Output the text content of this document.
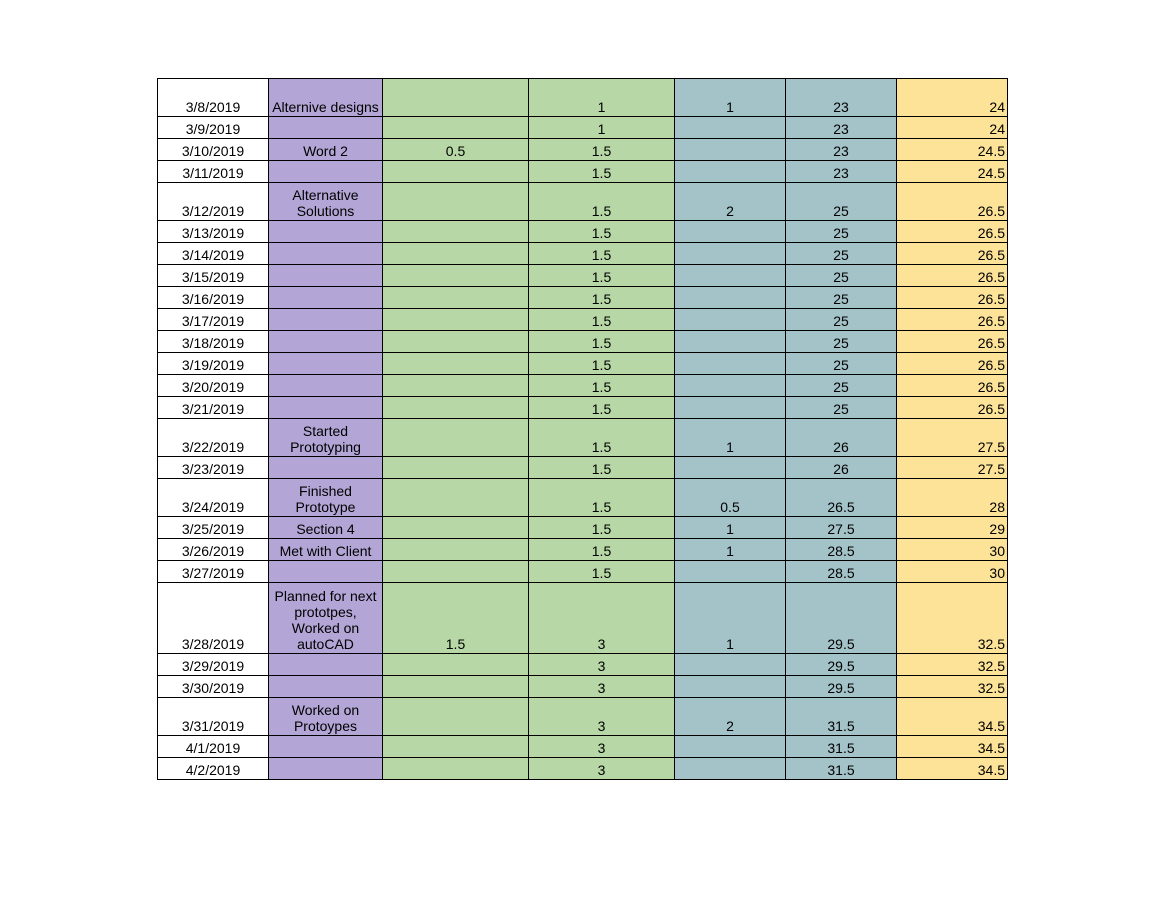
3/8/2019	Alternive designs		1	1	23	24
3/9/2019			1		23	24
3/10/2019	Word 2	0.5	1.5		23	24.5
3/11/2019			1.5		23	24.5
3/12/2019	Alternative Solutions		1.5	2	25	26.5
3/13/2019			1.5		25	26.5
3/14/2019			1.5		25	26.5
3/15/2019			1.5		25	26.5
3/16/2019			1.5		25	26.5
3/17/2019			1.5		25	26.5
3/18/2019			1.5		25	26.5
3/19/2019			1.5		25	26.5
3/20/2019			1.5		25	26.5
3/21/2019			1.5		25	26.5
3/22/2019	Started Prototyping		1.5	1	26	27.5
3/23/2019			1.5		26	27.5
3/24/2019	Finished Prototype		1.5	0.5	26.5	28
3/25/2019	Section 4		1.5	1	27.5	29
3/26/2019	Met with Client		1.5	1	28.5	30
3/27/2019			1.5		28.5	30
3/28/2019	Planned for next prototpes, Worked on autoCAD	1.5	3	1	29.5	32.5
3/29/2019			3		29.5	32.5
3/30/2019			3		29.5	32.5
3/31/2019	Worked on Protoypes		3	2	31.5	34.5
4/1/2019			3		31.5	34.5
4/2/2019			3		31.5	34.5
